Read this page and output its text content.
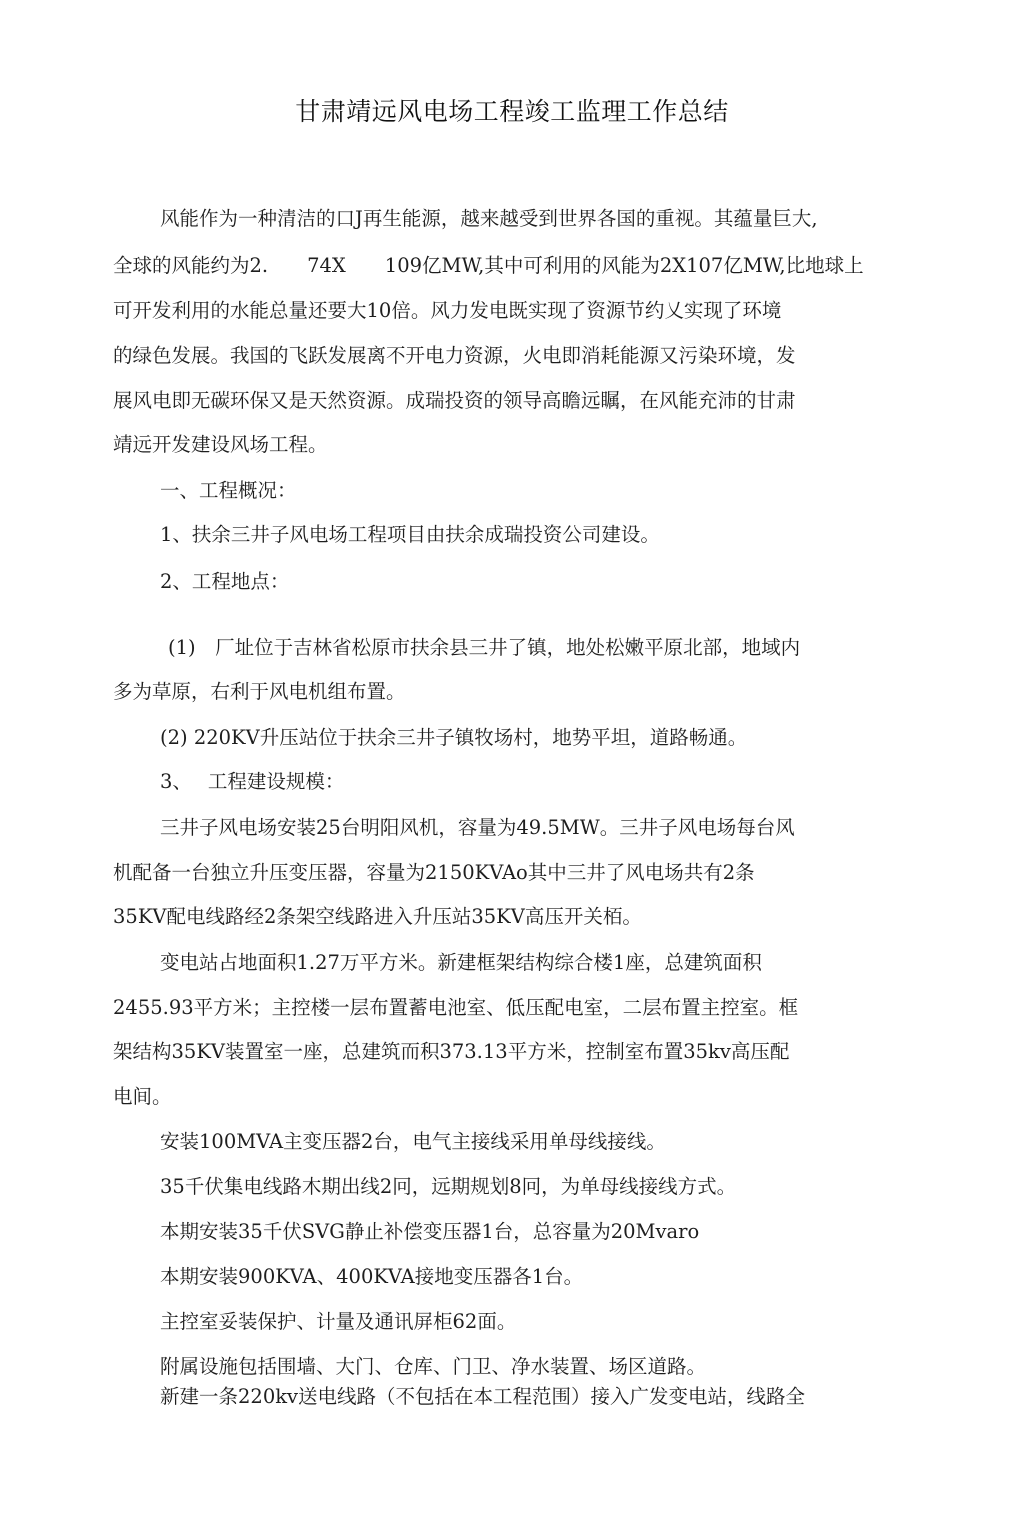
甘肃靖远风电场工程竣工监理工作总结
风能作为一种清洁的口J再生能源，越来越受到世界各国的重视。其蕴量巨大,
全球的风能约为2.　　74X　　109亿MW,其中可利用的风能为2X107亿MW,比地球上
可开发利用的水能总量还要大10倍。风力发电既实现了资源节约乂实现了环境
的绿色发展。我国的飞跃发展离不开电力资源，火电即消耗能源又污染环境，发
展风电即无碳环保又是天然资源。成瑞投资的领导高瞻远瞩，在风能充沛的甘肃
靖远开发建设风场工程。
一、工程概况：
1、扶余三井子风电场工程项目由扶余成瑞投资公司建设。
2、工程地点：
(1)　厂址位于吉林省松原市扶余县三井了镇，地处松嫩平原北部，地域内
多为草原，右利于风电机组布置。
(2) 220KV升压站位于扶余三井子镇牧场村，地势平坦，道路畅通。
3、　 工程建设规模：
三井子风电场安装25台明阳风机，容量为49.5MW。三井子风电场每台风
机配备一台独立升压变压器，容量为2150KVAo其中三井了风电场共有2条
35KV配电线路经2条架空线路进入升压站35KV高压开关栢。
变电站占地面积1.27万平方米。新建框架结构综合楼1座，总建筑面积
2455.93平方米；主控楼一层布置蓄电池室、低压配电室，二层布置主控室。框
架结构35KV装置室一座，总建筑而积373.13平方米，控制室布置35kv高压配
电间。
安装100MVA主变压器2台，电气主接线采用单母线接线。
35千伏集电线路木期出线2冋，远期规划8冋，为单母线接线方式。
本期安装35千伏SVG静止补偿变压器1台，总容量为20Mvaro
本期安装900KVA、400KVA接地变压器各1台。
主控室妥装保护、计量及通讯屏柜62面。
附属设施包括围墙、大门、仓库、门卫、净水装置、场区道路。
新建一条220kv送电线路（不包括在本工程范围）接入广发变电站，线路全
